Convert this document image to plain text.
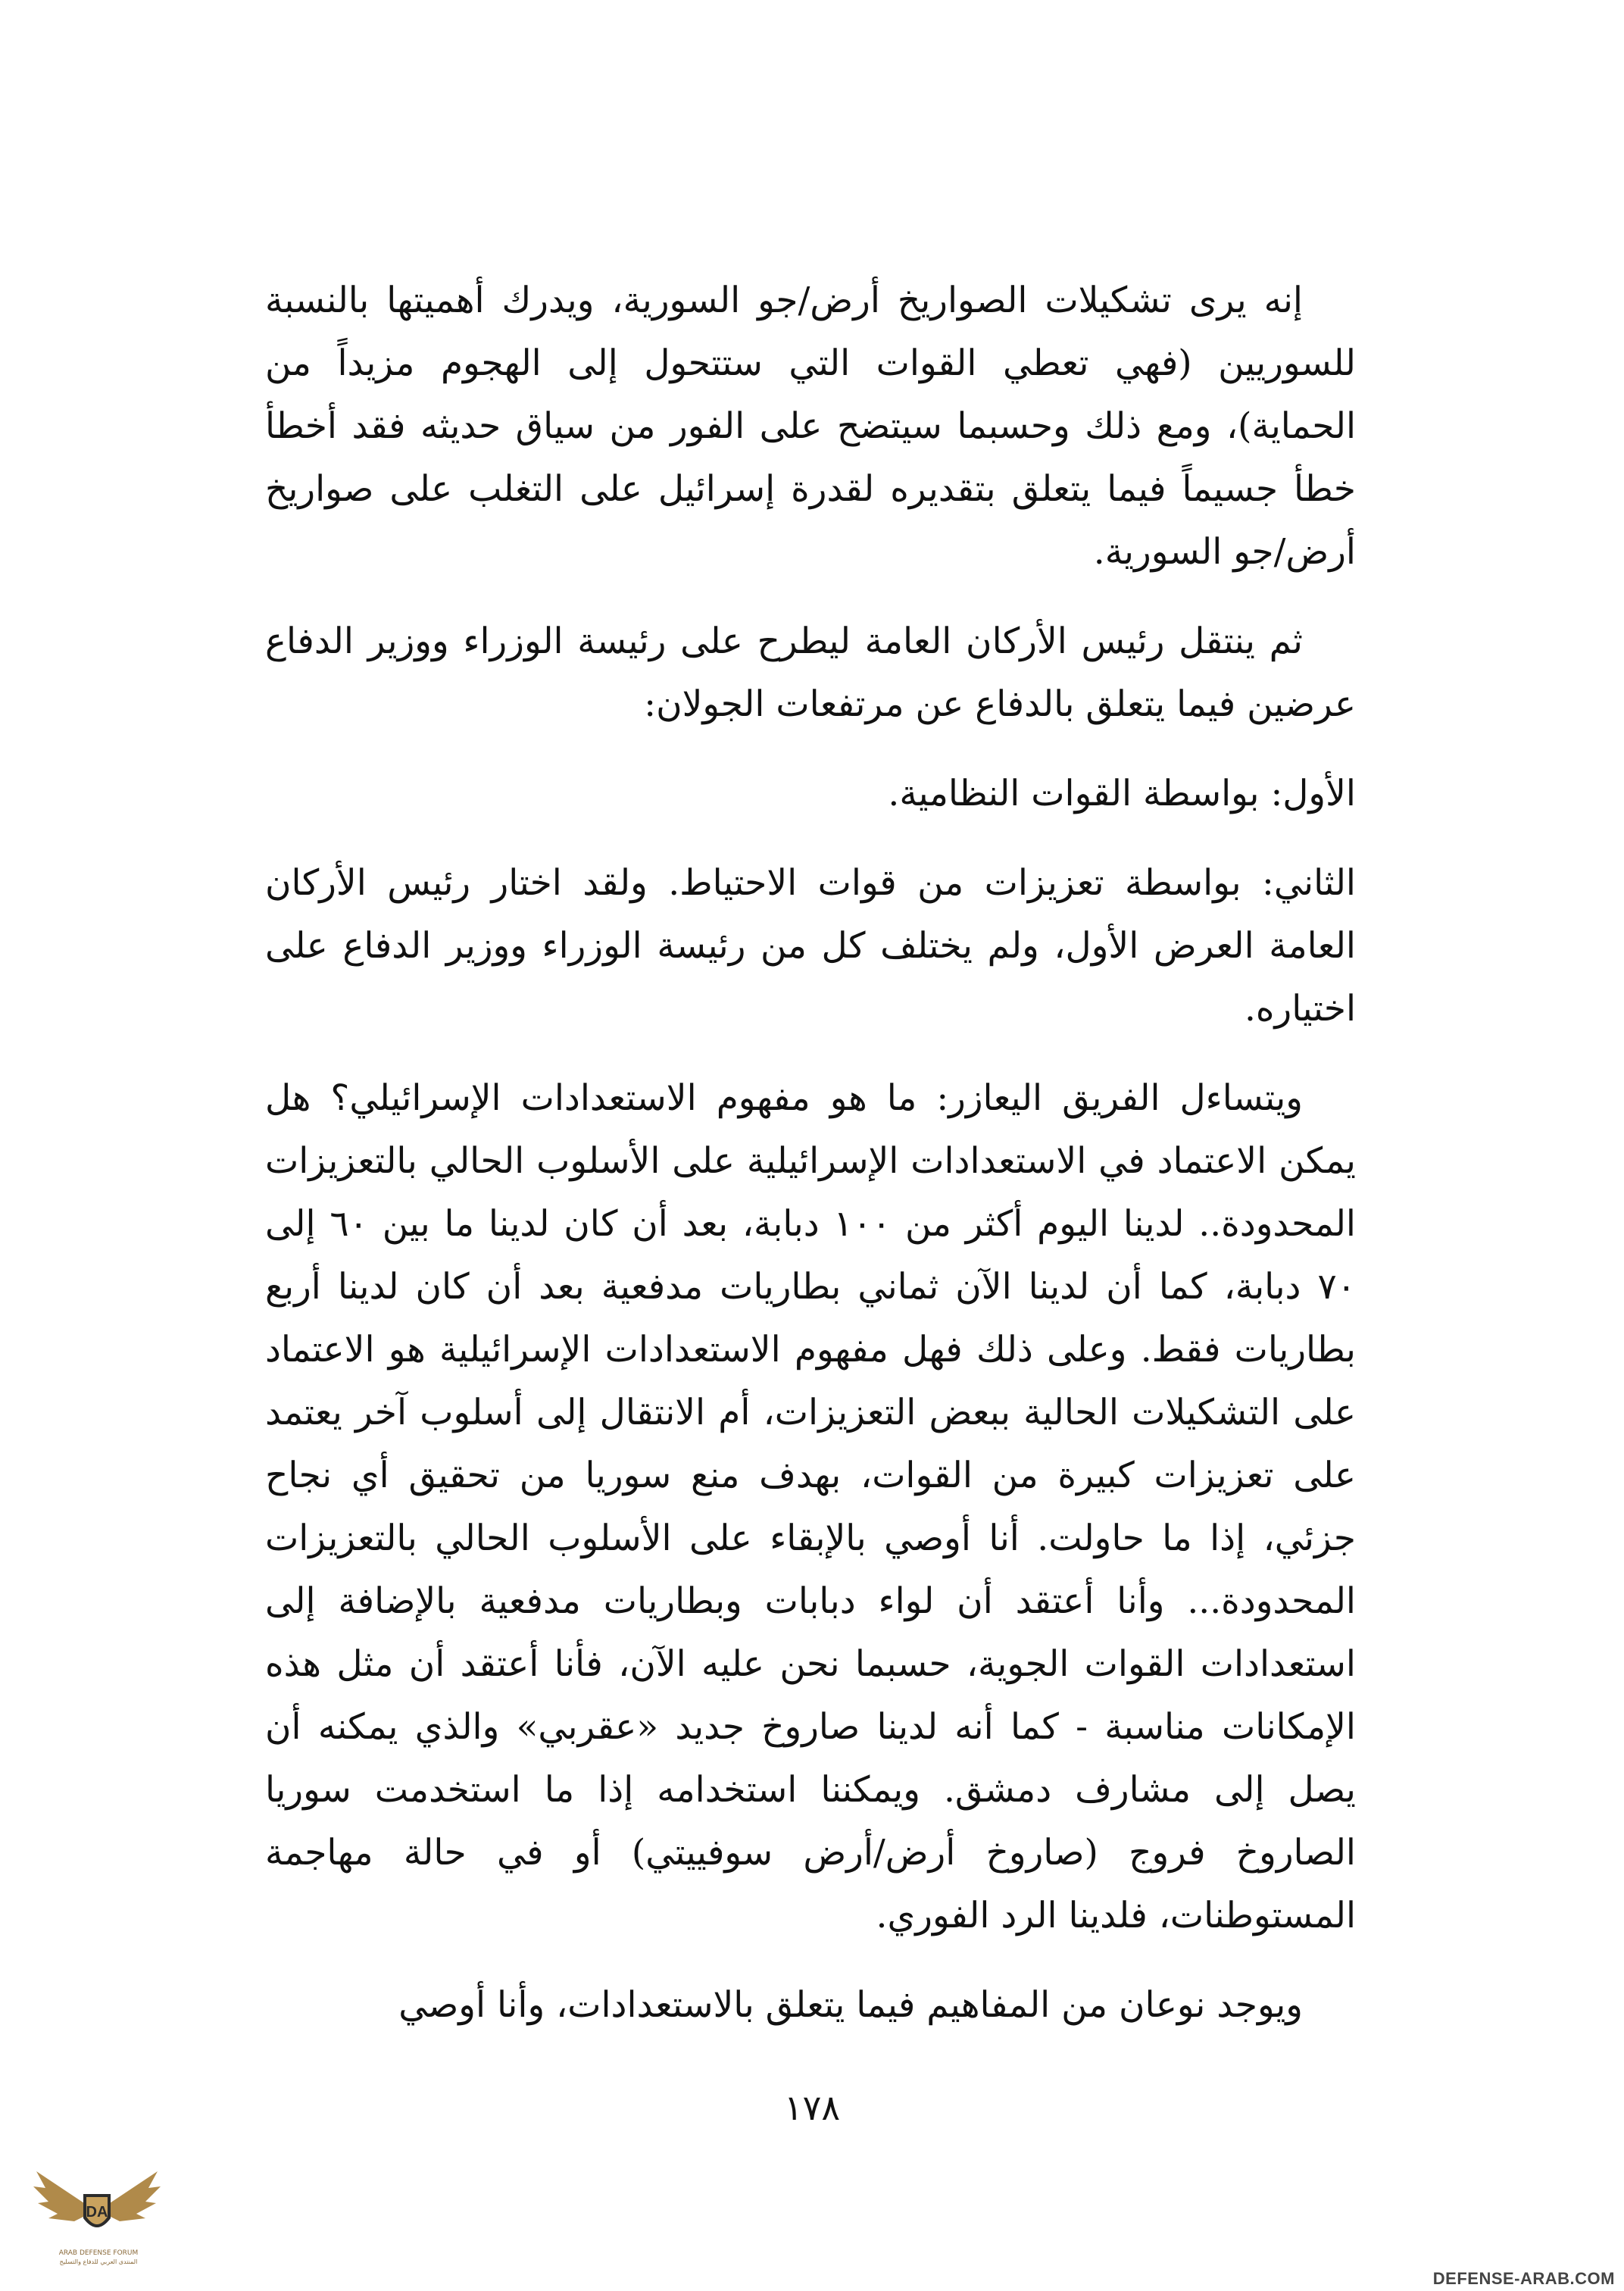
إنه يرى تشكيلات الصواريخ أرض/جو السورية، ويدرك أهميتها بالنسبة للسوريين (فهي تعطي القوات التي ستتحول إلى الهجوم مزيداً من الحماية)، ومع ذلك وحسبما سيتضح على الفور من سياق حديثه فقد أخطأ خطأ جسيماً فيما يتعلق بتقديره لقدرة إسرائيل على التغلب على صواريخ أرض/جو السورية.

ثم ينتقل رئيس الأركان العامة ليطرح على رئيسة الوزراء ووزير الدفاع عرضين فيما يتعلق بالدفاع عن مرتفعات الجولان:

الأول: بواسطة القوات النظامية.

الثاني: بواسطة تعزيزات من قوات الاحتياط. ولقد اختار رئيس الأركان العامة العرض الأول، ولم يختلف كل من رئيسة الوزراء ووزير الدفاع على اختياره.

ويتساءل الفريق اليعازر: ما هو مفهوم الاستعدادات الإسرائيلي؟ هل يمكن الاعتماد في الاستعدادات الإسرائيلية على الأسلوب الحالي بالتعزيزات المحدودة.. لدينا اليوم أكثر من ١٠٠ دبابة، بعد أن كان لدينا ما بين ٦٠ إلى ٧٠ دبابة، كما أن لدينا الآن ثماني بطاريات مدفعية بعد أن كان لدينا أربع بطاريات فقط. وعلى ذلك فهل مفهوم الاستعدادات الإسرائيلية هو الاعتماد على التشكيلات الحالية ببعض التعزيزات، أم الانتقال إلى أسلوب آخر يعتمد على تعزيزات كبيرة من القوات، بهدف منع سوريا من تحقيق أي نجاح جزئي، إذا ما حاولت. أنا أوصي بالإبقاء على الأسلوب الحالي بالتعزيزات المحدودة... وأنا أعتقد أن لواء دبابات وبطاريات مدفعية بالإضافة إلى استعدادات القوات الجوية، حسبما نحن عليه الآن، فأنا أعتقد أن مثل هذه الإمكانات مناسبة - كما أنه لدينا صاروخ جديد «عقربي» والذي يمكنه أن يصل إلى مشارف دمشق. ويمكننا استخدامه إذا ما استخدمت سوريا الصاروخ فروج (صاروخ أرض/أرض سوفييتي) أو في حالة مهاجمة المستوطنات، فلدينا الرد الفوري.

ويوجد نوعان من المفاهيم فيما يتعلق بالاستعدادات، وأنا أوصي

١٧٨
DA
ARAB DEFENSE FORUM
المنتدى العربي للدفاع والتسليح
DEFENSE-ARAB.COM
